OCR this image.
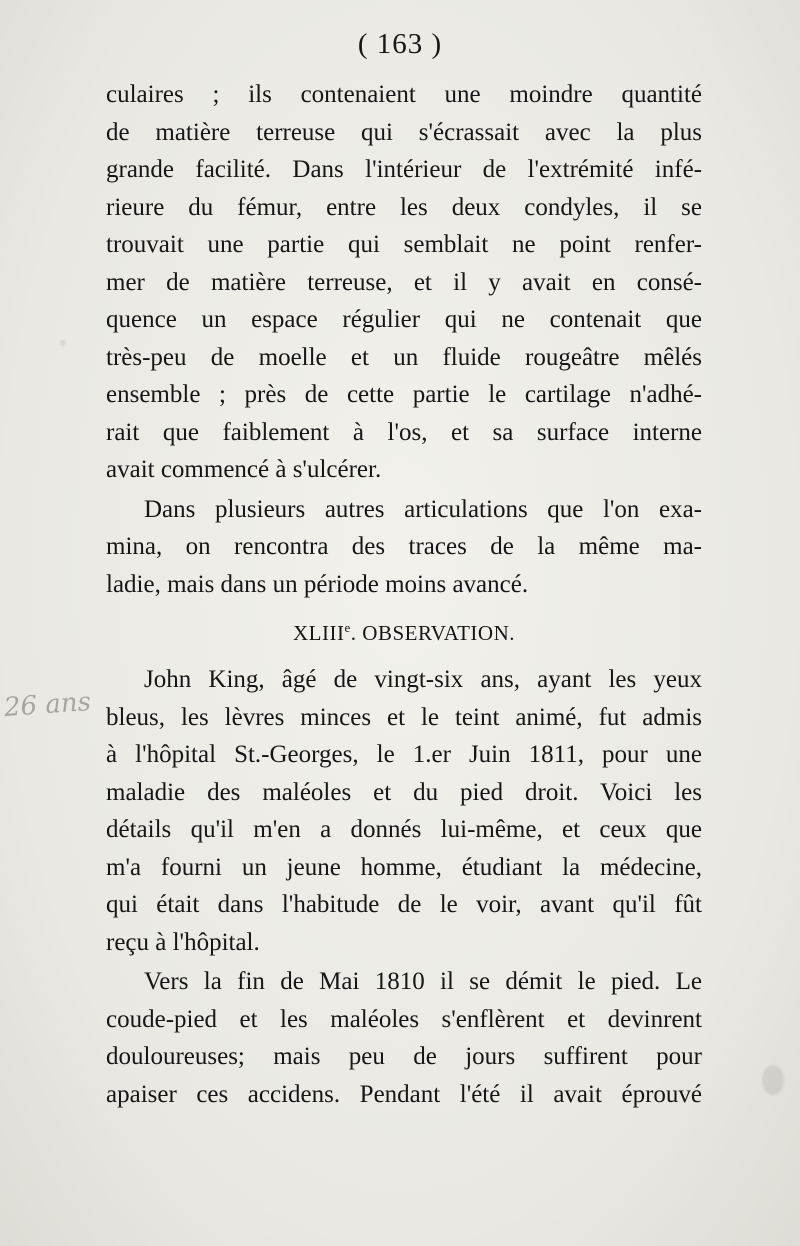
( 163 )
26 ans
culaires ; ils contenaient une moindre quantité
de matière terreuse qui s'écrassait avec la plus
grande facilité. Dans l'intérieur de l'extrémité infé-
rieure du fémur, entre les deux condyles, il se
trouvait une partie qui semblait ne point renfer-
mer de matière terreuse, et il y avait en consé-
quence un espace régulier qui ne contenait que
très-peu de moelle et un fluide rougeâtre mêlés
ensemble ; près de cette partie le cartilage n'adhé-
rait que faiblement à l'os, et sa surface interne
avait commencé à s'ulcérer.
Dans plusieurs autres articulations que l'on exa-
mina, on rencontra des traces de la même ma-
ladie, mais dans un période moins avancé.
XLIIIe. OBSERVATION.
John King, âgé de vingt-six ans, ayant les yeux
bleus, les lèvres minces et le teint animé, fut admis
à l'hôpital St.-Georges, le 1.er Juin 1811, pour une
maladie des maléoles et du pied droit. Voici les
détails qu'il m'en a donnés lui-même, et ceux que
m'a fourni un jeune homme, étudiant la médecine,
qui était dans l'habitude de le voir, avant qu'il fût
reçu à l'hôpital.
Vers la fin de Mai 1810 il se démit le pied. Le
coude-pied et les maléoles s'enflèrent et devinrent
douloureuses; mais peu de jours suffirent pour
apaiser ces accidens. Pendant l'été il avait éprouvé
